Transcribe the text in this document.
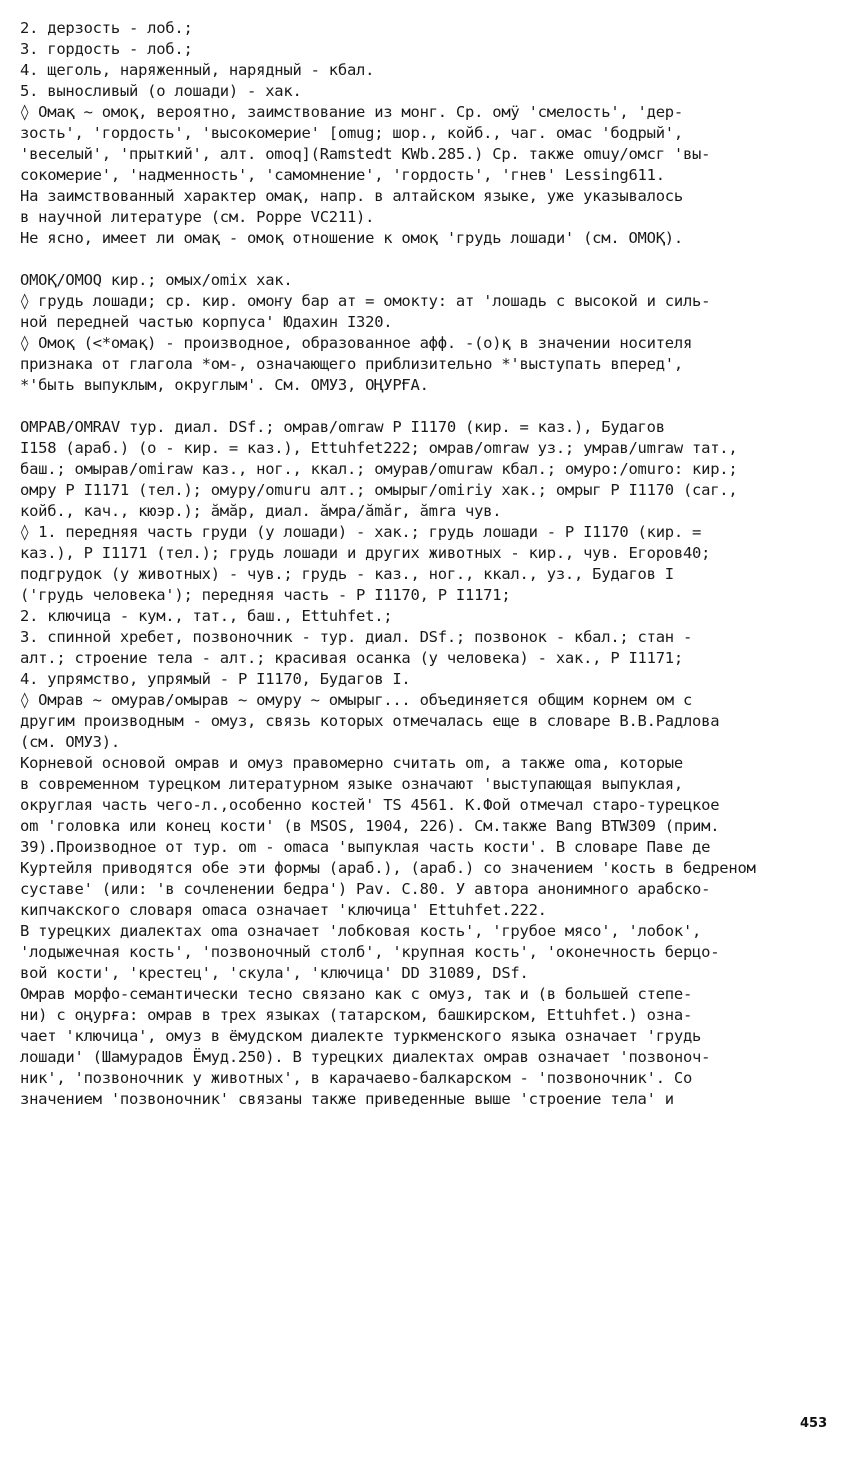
2. дерзость - лоб.;
3. гордость - лоб.;
4. щеголь, наряженный, нарядный - кбал.
5. выносливый (о лошади) - хак.
◊ Омақ ~ омоқ, вероятно, заимствование из монг. Ср. омӱ 'смелость', 'дер-
зость', 'гордость', 'высокомерие' [omug; шор., койб., чаг. омас 'бодрый',
'веселый', 'прыткий', алт. omoq](Ramstedt KWb.285.) Ср. также omuy/омсг 'вы-
сокомерие', 'надменность', 'самомнение', 'гордость', 'гнев' Lessing611.
На заимствованный характер омақ, напр. в алтайском языке, уже указывалось
в научной литературе (см. Poppe VC211).
Не ясно, имеет ли омақ - омоқ отношение к омоқ 'грудь лошади' (см. ОМОҚ).
ОМОҚ/ОМОQ кир.; омых/omix хак.
◊ грудь лошади; ср. кир. омоҥу бар ат = омокту: ат 'лошадь с высокой и силь-
ной передней частью корпуса' Юдахин I320.
◊ Омоқ (<*омақ) - производное, образованное афф. -(о)қ в значении носителя
признака от глагола *ом-, означающего приблизительно *'выступать вперед',
*'быть выпуклым, округлым'. См. ОМУЗ, ОҢУРҒА.
ОМРАВ/OMRAV тур. диал. DSf.; омрав/omraw P I1170 (кир. = каз.), Будагов
I158 (араб.) (о - кир. = каз.), Ettuhfet222; омрав/omraw уз.; умрав/umraw тат.,
баш.; омырав/omiraw каз., ног., ккал.; омурав/omuraw кбал.; омуро:/omuro: кир.;
омру P I1171 (тел.); омуру/omuru алт.; омырыг/omiriy хак.; омрыг P I1170 (саг.,
койб., кач., кюэр.); ӑмӑр, диал. ӑмра/ămăr, ămra чув.
◊ 1. передняя часть груди (у лошади) - хак.; грудь лошади - P I1170 (кир. =
каз.), P I1171 (тел.); грудь лошади и других животных - кир., чув. Егоров40;
подгрудок (у животных) - чув.; грудь - каз., ног., ккал., уз., Будагов I
('грудь человека'); передняя часть - P I1170, P I1171;
2. ключица - кум., тат., баш., Ettuhfet.;
3. спинной хребет, позвоночник - тур. диал. DSf.; позвонок - кбал.; стан -
алт.; строение тела - алт.; красивая осанка (у человека) - хак., P I1171;
4. упрямство, упрямый - P I1170, Будагов I.
◊ Омрав ~ омурав/омырав ~ омуру ~ омырыг... объединяется общим корнем ом с
другим производным - омуз, связь которых отмечалась еще в словаре В.В.Радлова
(см. ОМУЗ).
Корневой основой омрав и омуз правомерно считать om, а также oma, которые
в современном турецком литературном языке означают 'выступающая выпуклая,
округлая часть чего-л.,особенно костей' TS 4561. К.Фой отмечал старо-турецкое
om 'головка или конец кости' (в MSOS, 1904, 226). См.также Bang BTW309 (прим.
39).Производное от тур. om - omaca 'выпуклая часть кости'. В словаре Паве де
Куртейля приводятся обе эти формы (араб.), (араб.) со значением 'кость в бедреном
суставе' (или: 'в сочленении бедра') Pav. C.80. У автора анонимного арабско-
кипчакского словаря omaca означает 'ключица' Ettuhfet.222.
В турецких диалектах oma означает 'лобковая кость', 'грубое мясо', 'лобок',
'лодыжечная кость', 'позвоночный столб', 'крупная кость', 'оконечность берцо-
вой кости', 'крестец', 'скула', 'ключица' DD 31089, DSf.
Омрав морфо-семантически тесно связано как с омуз, так и (в большей степе-
ни) с оңурға: омрав в трех языках (татарском, башкирском, Ettuhfet.) озна-
чает 'ключица', омуз в ёмудском диалекте туркменского языка означает 'грудь
лошади' (Шамурадов Ёмуд.250). В турецких диалектах омрав означает 'позвоноч-
ник', 'позвоночник у животных', в карачаево-балкарском - 'позвоночник'. Со
значением 'позвоночник' связаны также приведенные выше 'строение тела' и
453
